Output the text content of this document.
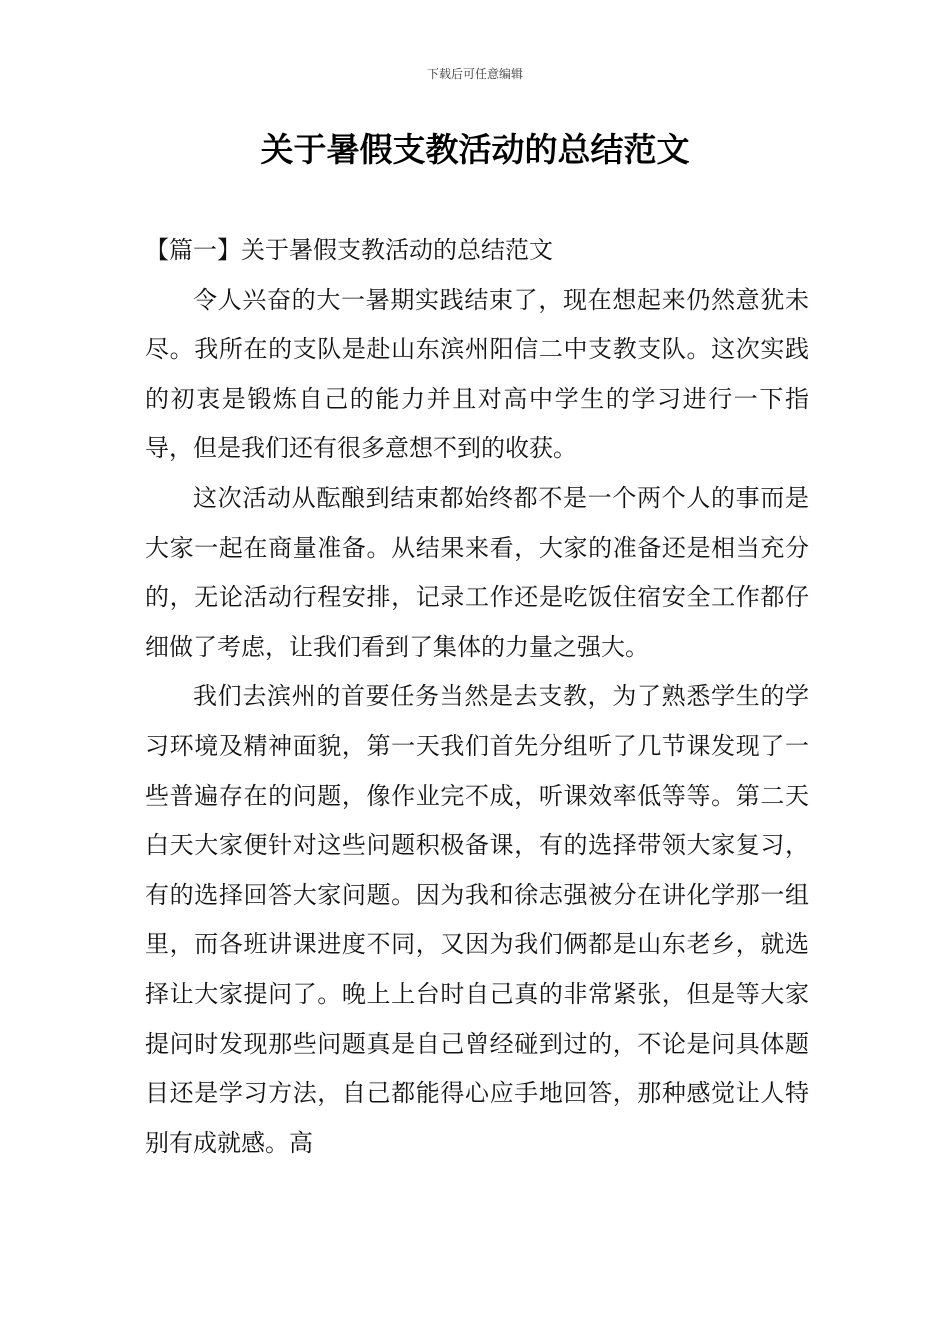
下载后可任意编辑
关于暑假支教活动的总结范文

【篇一】关于暑假支教活动的总结范文

令人兴奋的大一暑期实践结束了，现在想起来仍然意犹未尽。我所在的支队是赴山东滨州阳信二中支教支队。这次实践的初衷是锻炼自己的能力并且对高中学生的学习进行一下指导，但是我们还有很多意想不到的收获。

这次活动从酝酿到结束都始终都不是一个两个人的事而是大家一起在商量准备。从结果来看，大家的准备还是相当充分的，无论活动行程安排，记录工作还是吃饭住宿安全工作都仔细做了考虑，让我们看到了集体的力量之强大。

我们去滨州的首要任务当然是去支教，为了熟悉学生的学习环境及精神面貌，第一天我们首先分组听了几节课发现了一些普遍存在的问题，像作业完不成，听课效率低等等。第二天白天大家便针对这些问题积极备课，有的选择带领大家复习，有的选择回答大家问题。因为我和徐志强被分在讲化学那一组里，而各班讲课进度不同，又因为我们俩都是山东老乡，就选择让大家提问了。晚上上台时自己真的非常紧张，但是等大家提问时发现那些问题真是自己曾经碰到过的，不论是问具体题目还是学习方法，自己都能得心应手地回答，那种感觉让人特别有成就感。高
